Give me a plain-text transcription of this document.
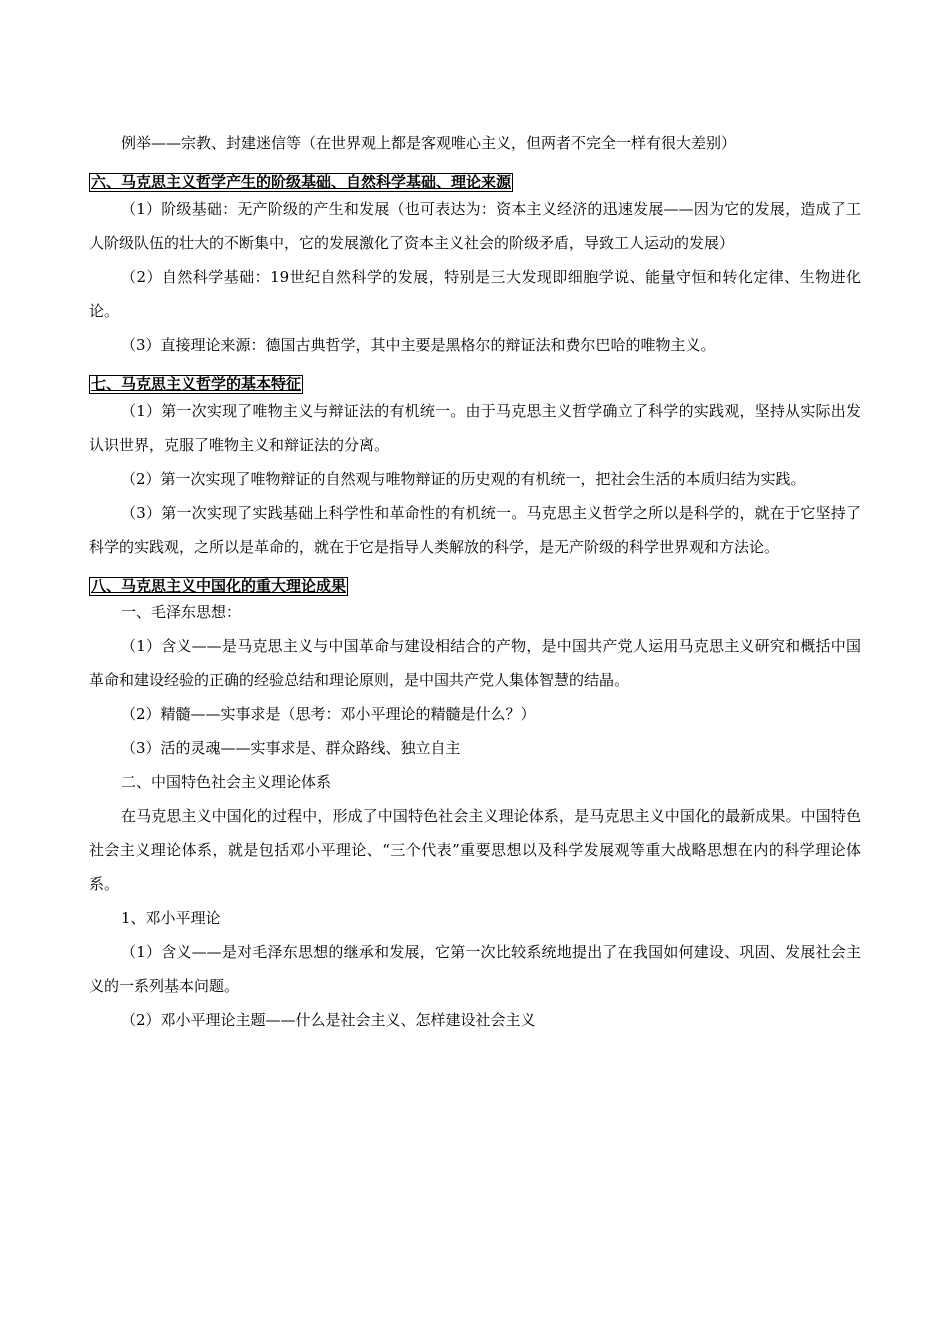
例举——宗教、封建迷信等（在世界观上都是客观唯心主义，但两者不完全一样有很大差别）

六、马克思主义哲学产生的阶级基础、自然科学基础、理论来源

（1）阶级基础：无产阶级的产生和发展（也可表达为：资本主义经济的迅速发展——因为它的发展，造成了工人阶级队伍的壮大的不断集中，它的发展激化了资本主义社会的阶级矛盾，导致工人运动的发展）

（2）自然科学基础：19世纪自然科学的发展，特别是三大发现即细胞学说、能量守恒和转化定律、生物进化论。

（3）直接理论来源：德国古典哲学，其中主要是黑格尔的辩证法和费尔巴哈的唯物主义。

七、马克思主义哲学的基本特征

（1）第一次实现了唯物主义与辩证法的有机统一。由于马克思主义哲学确立了科学的实践观，坚持从实际出发认识世界，克服了唯物主义和辩证法的分离。

（2）第一次实现了唯物辩证的自然观与唯物辩证的历史观的有机统一，把社会生活的本质归结为实践。

（3）第一次实现了实践基础上科学性和革命性的有机统一。马克思主义哲学之所以是科学的，就在于它坚持了科学的实践观，之所以是革命的，就在于它是指导人类解放的科学，是无产阶级的科学世界观和方法论。

八、马克思主义中国化的重大理论成果

一、毛泽东思想：

（1）含义——是马克思主义与中国革命与建设相结合的产物，是中国共产党人运用马克思主义研究和概括中国革命和建设经验的正确的经验总结和理论原则，是中国共产党人集体智慧的结晶。

（2）精髓——实事求是（思考：邓小平理论的精髓是什么？）

（3）活的灵魂——实事求是、群众路线、独立自主

二、中国特色社会主义理论体系

在马克思主义中国化的过程中，形成了中国特色社会主义理论体系，是马克思主义中国化的最新成果。中国特色社会主义理论体系，就是包括邓小平理论、“三个代表”重要思想以及科学发展观等重大战略思想在内的科学理论体系。

1、邓小平理论

（1）含义——是对毛泽东思想的继承和发展，它第一次比较系统地提出了在我国如何建设、巩固、发展社会主义的一系列基本问题。

（2）邓小平理论主题——什么是社会主义、怎样建设社会主义
